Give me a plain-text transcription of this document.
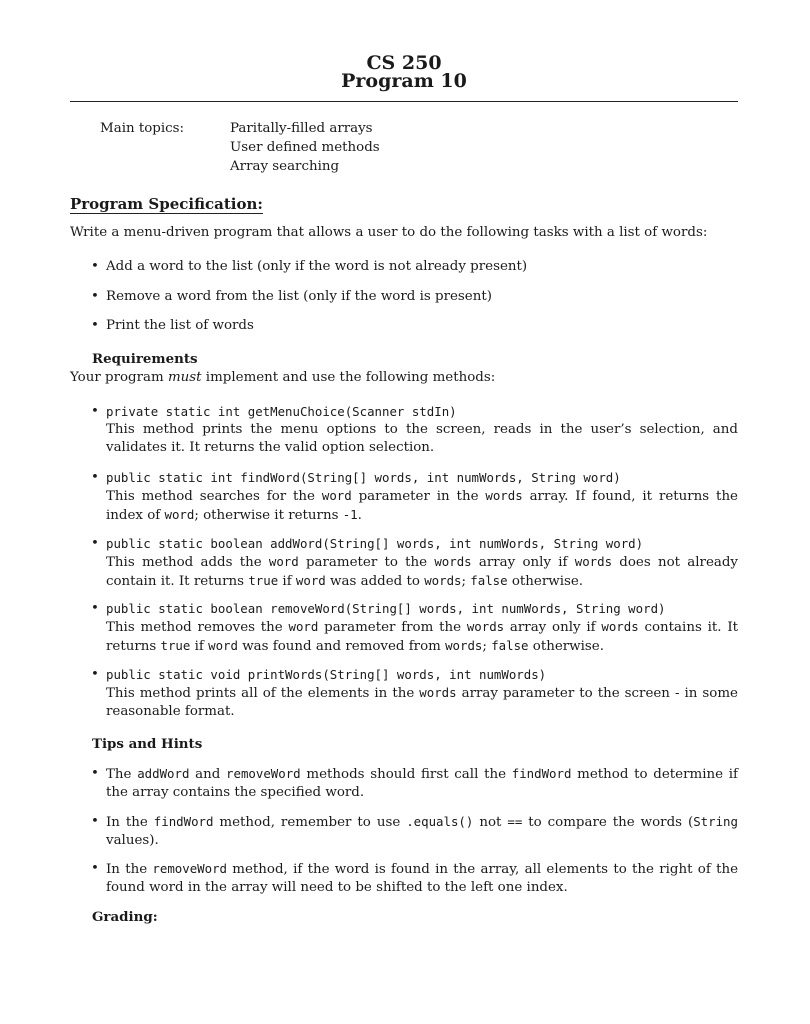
CS 250
Program 10
Main topics:	Paritally-filled arrays
User defined methods
Array searching
Program Specification:
Write a menu-driven program that allows a user to do the following tasks with a list of words:
• Add a word to the list (only if the word is not already present)
• Remove a word from the list (only if the word is present)
• Print the list of words
Requirements
Your program must implement and use the following methods:
• private static int getMenuChoice(Scanner stdIn)
This method prints the menu options to the screen, reads in the user’s selection, and validates it. It returns the valid option selection.
• public static int findWord(String[] words, int numWords, String word)
This method searches for the word parameter in the words array. If found, it returns the index of word; otherwise it returns -1.
• public static boolean addWord(String[] words, int numWords, String word)
This method adds the word parameter to the words array only if words does not already contain it. It returns true if word was added to words; false otherwise.
• public static boolean removeWord(String[] words, int numWords, String word)
This method removes the word parameter from the words array only if words contains it. It returns true if word was found and removed from words; false otherwise.
• public static void printWords(String[] words, int numWords)
This method prints all of the elements in the words array parameter to the screen - in some reasonable format.
Tips and Hints
• The addWord and removeWord methods should first call the findWord method to determine if the array contains the specified word.
• In the findWord method, remember to use .equals() not == to compare the words (String values).
• In the removeWord method, if the word is found in the array, all elements to the right of the found word in the array will need to be shifted to the left one index.
Grading:
